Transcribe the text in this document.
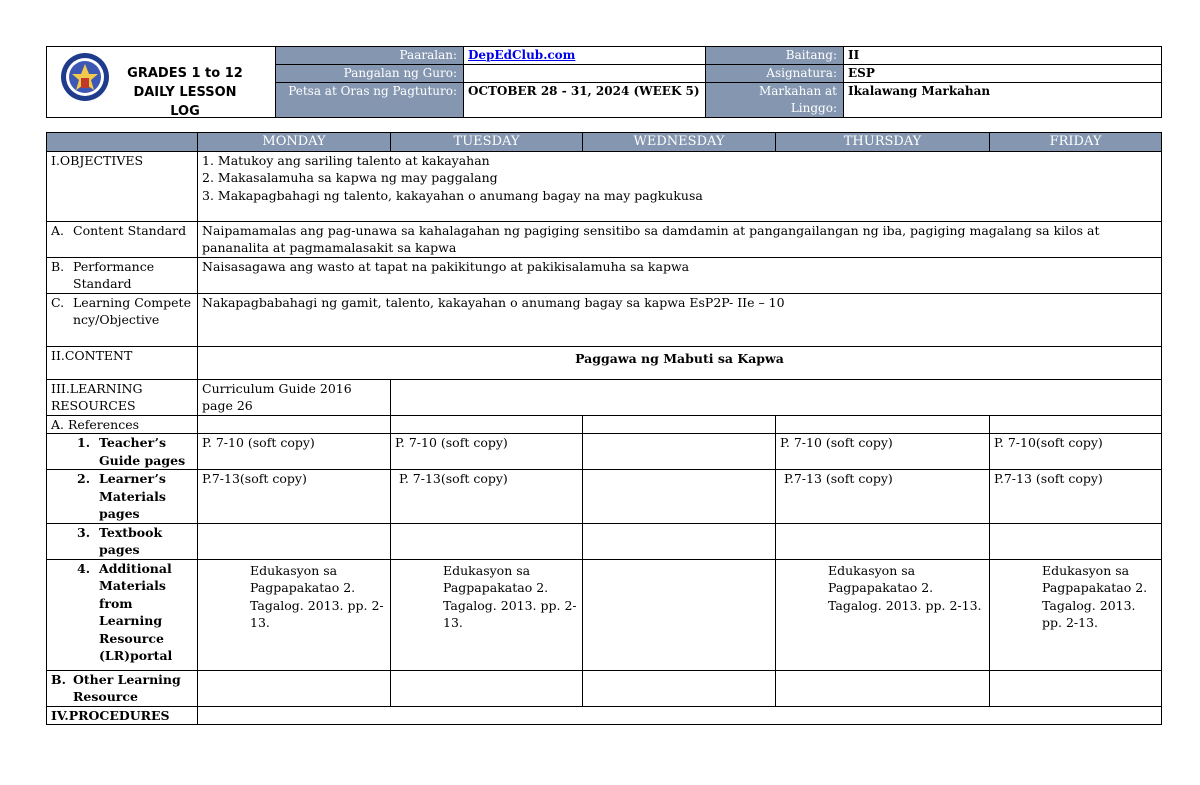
GRADES 1 to 12
DAILY LESSON LOG
	Paaralan:	DepEdClub.com	Baitang:	II
	Pangalan ng Guro:		Asignatura:	ESP
	Petsa at Oras ng Pagtuturo:	OCTOBER 28 - 31, 2024 (WEEK 5)	Markahan at Linggo:	Ikalawang Markahan
	MONDAY	TUESDAY	WEDNESDAY	THURSDAY	FRIDAY
I.OBJECTIVES	1. Matukoy ang sariling talento at kakayahan
2. Makasalamuha sa kapwa ng may paggalang
3. Makapagbahagi ng talento, kakayahan o anumang bagay na may pagkukusa				

A. Content Standard	Naipamamalas ang pag-unawa sa kahalagahan ng pagiging sensitibo sa damdamin at pangangailangan ng iba, pagiging magalang sa kilos at pananalita at pagmamalasakit sa kapwa				

B. Performance Standard	Naisasagawa ang wasto at tapat na pakikitungo at pakikisalamuha sa kapwa				

C. Learning Competency/Objective	Nakapagbabahagi ng gamit, talento, kakayahan o anumang bagay sa kapwa EsP2P- IIe – 10				
II.CONTENT	Paggawa ng Mabuti sa Kapwa				
III.LEARNING RESOURCES	Curriculum Guide 2016 page 26				
A. References					

1. Teacher’s Guide pages	P. 7-10 (soft copy)	P. 7-10 (soft copy)		P. 7-10 (soft copy)	P. 7-10(soft copy)

2. Learner’s Materials pages	P.7-13(soft copy)	P. 7-13(soft copy)		P.7-13 (soft copy)	P.7-13 (soft copy)

3. Textbook pages					

4. Additional Materials from Learning Resource (LR)portal	Edukasyon sa Pagpapakatao 2. Tagalog. 2013. pp. 2-13.	Edukasyon sa Pagpapakatao 2. Tagalog. 2013. pp. 2-13.		Edukasyon sa Pagpapakatao 2. Tagalog. 2013. pp. 2-13.	Edukasyon sa Pagpapakatao 2. Tagalog. 2013. pp. 2-13.

B. Other Learning Resource					

IV.PROCEDURES					
